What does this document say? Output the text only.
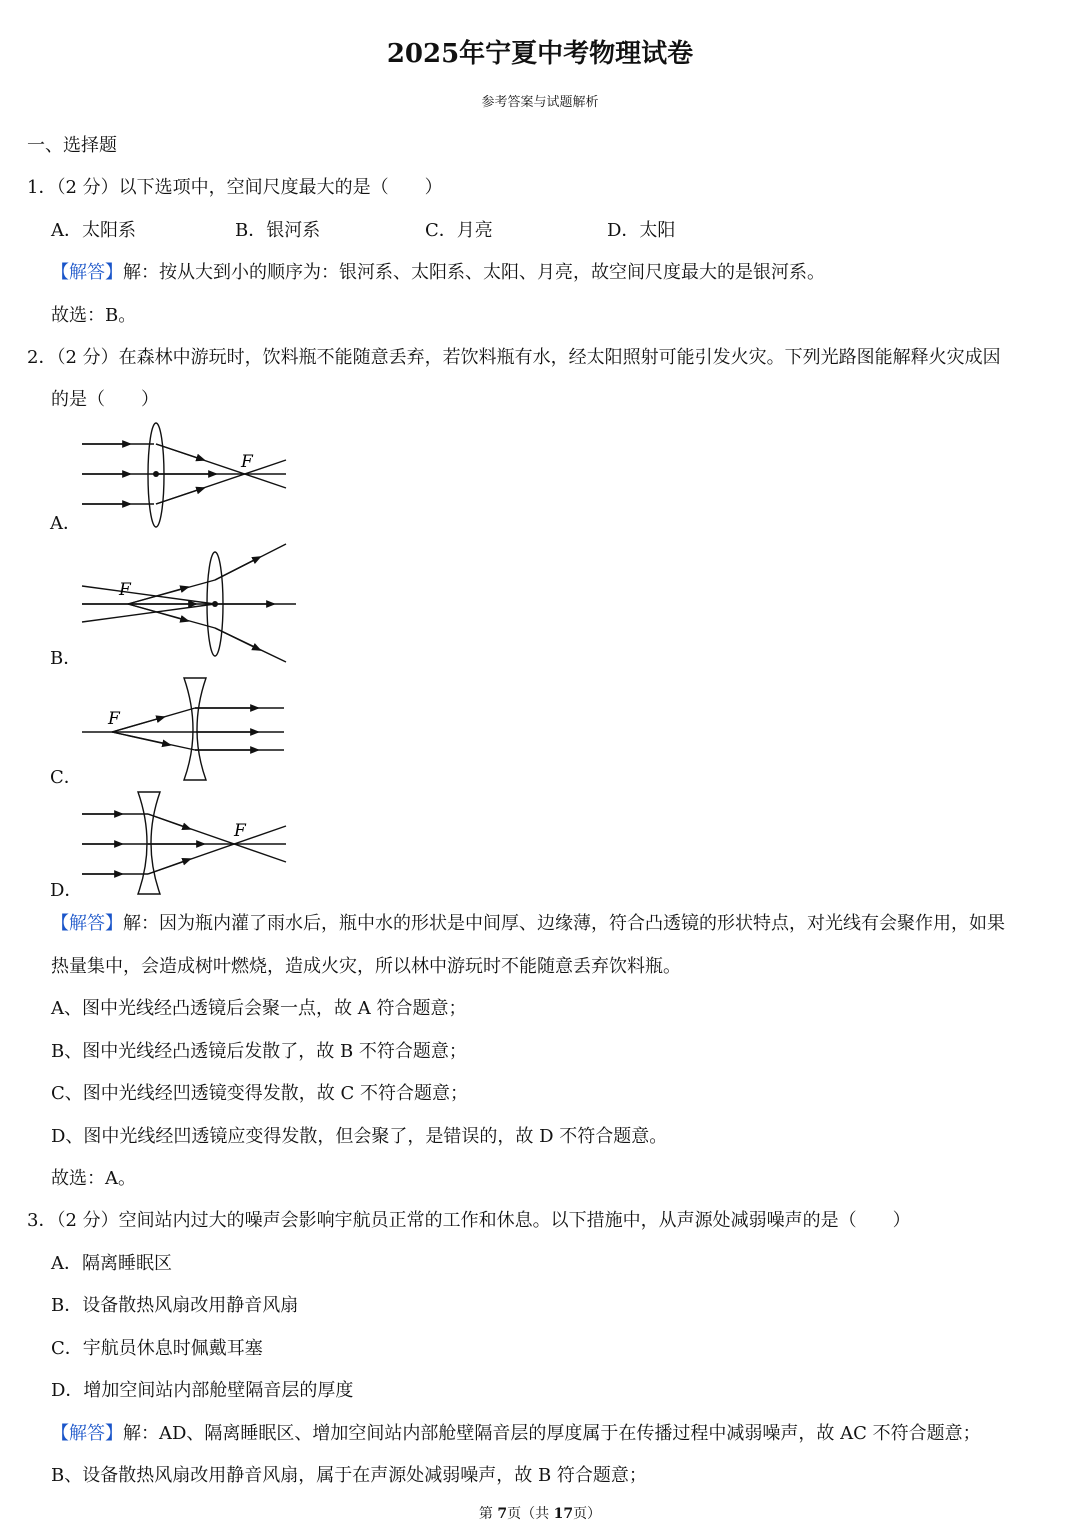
2025年宁夏中考物理试卷
参考答案与试题解析
一、选择题
1．（2 分）以下选项中，空间尺度最大的是（　　）
A．太阳系	B．银河系	C．月亮	D．太阳
【解答】解：按从大到小的顺序为：银河系、太阳系、太阳、月亮，故空间尺度最大的是银河系。
故选：B。
2．（2 分）在森林中游玩时，饮料瓶不能随意丢弃，若饮料瓶有水，经太阳照射可能引发火灾。下列光路图能解释火灾成因
的是（　　）
F
A．
F
B．
F
C．
F
D．
【解答】解：因为瓶内灌了雨水后，瓶中水的形状是中间厚、边缘薄，符合凸透镜的形状特点，对光线有会聚作用，如果
热量集中，会造成树叶燃烧，造成火灾，所以林中游玩时不能随意丢弃饮料瓶。
A、图中光线经凸透镜后会聚一点，故 A 符合题意；
B、图中光线经凸透镜后发散了，故 B 不符合题意；
C、图中光线经凹透镜变得发散，故 C 不符合题意；
D、图中光线经凹透镜应变得发散，但会聚了，是错误的，故 D 不符合题意。
故选：A。
3．（2 分）空间站内过大的噪声会影响宇航员正常的工作和休息。以下措施中，从声源处减弱噪声的是（　　）
A．隔离睡眠区
B．设备散热风扇改用静音风扇
C．宇航员休息时佩戴耳塞
D．增加空间站内部舱壁隔音层的厚度
【解答】解：AD、隔离睡眠区、增加空间站内部舱壁隔音层的厚度属于在传播过程中减弱噪声，故 AC 不符合题意；
B、设备散热风扇改用静音风扇，属于在声源处减弱噪声，故 B 符合题意；
第 7页（共 17页）
